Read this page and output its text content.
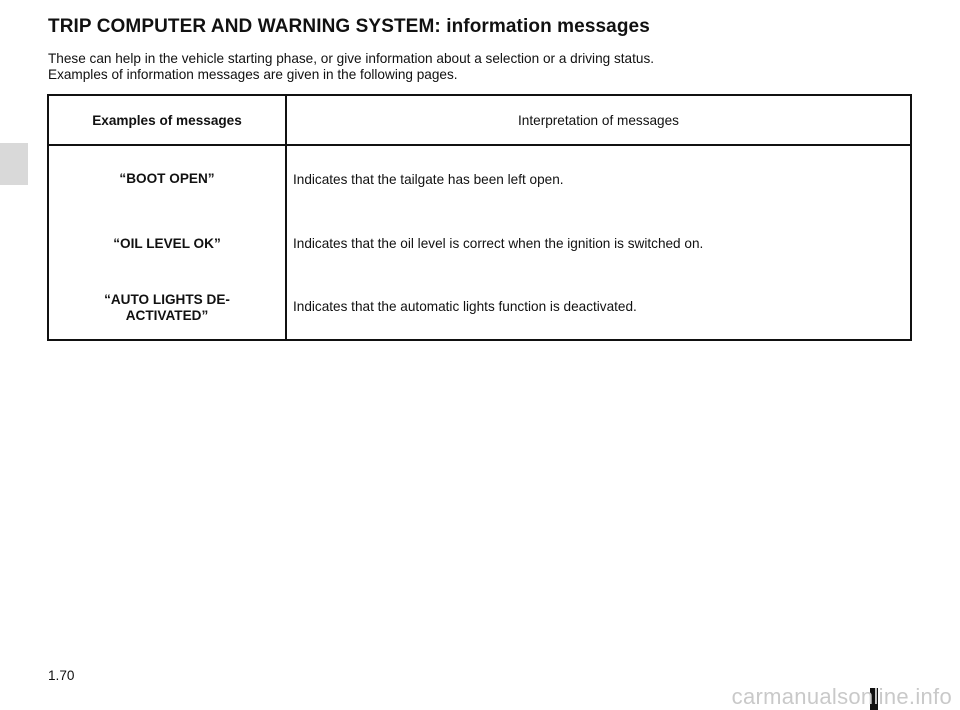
TRIP COMPUTER AND WARNING SYSTEM: information messages
These can help in the vehicle starting phase, or give information about a selection or a driving status.
Examples of information messages are given in the following pages.
Examples of messages	Interpretation of messages
“BOOT OPEN”	Indicates that the tailgate has been left open.
“OIL LEVEL OK”	Indicates that the oil level is correct when the ignition is switched on.
“AUTO LIGHTS DE-ACTIVATED”	Indicates that the automatic lights function is deactivated.
1.70
carmanualsonline.info
